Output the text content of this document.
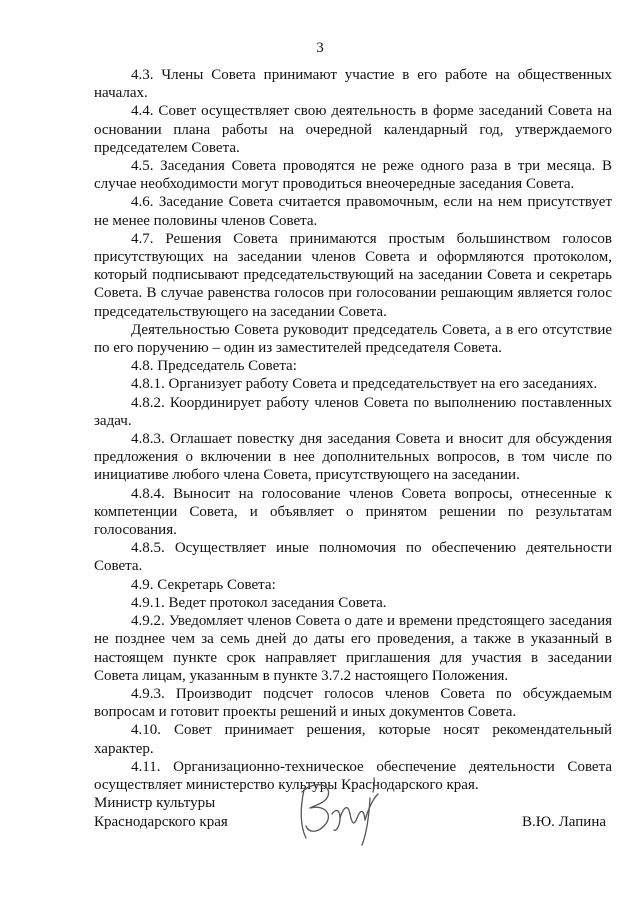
3

4.3. Члены Совета принимают участие в его работе на общественных началах.

4.4. Совет осуществляет свою деятельность в форме заседаний Совета на основании плана работы на очередной календарный год, утверждаемого председателем Совета.

4.5. Заседания Совета проводятся не реже одного раза в три месяца. В случае необходимости могут проводиться внеочередные заседания Совета.

4.6. Заседание Совета считается правомочным, если на нем присутствует не менее половины членов Совета.

4.7. Решения Совета принимаются простым большинством голосов присутствующих на заседании членов Совета и оформляются протоколом, который подписывают председательствующий на заседании Совета и секретарь Совета. В случае равенства голосов при голосовании решающим является голос председательствующего на заседании Совета.

Деятельностью Совета руководит председатель Совета, а в его отсутствие по его поручению – один из заместителей председателя Совета.

4.8. Председатель Совета:

4.8.1. Организует работу Совета и председательствует на его заседаниях.

4.8.2. Координирует работу членов Совета по выполнению поставленных задач.

4.8.3. Оглашает повестку дня заседания Совета и вносит для обсуждения предложения о включении в нее дополнительных вопросов, в том числе по инициативе любого члена Совета, присутствующего на заседании.

4.8.4. Выносит на голосование членов Совета вопросы, отнесенные к компетенции Совета, и объявляет о принятом решении по результатам голосования.

4.8.5. Осуществляет иные полномочия по обеспечению деятельности Совета.

4.9. Секретарь Совета:

4.9.1. Ведет протокол заседания Совета.

4.9.2. Уведомляет членов Совета о дате и времени предстоящего заседания не позднее чем за семь дней до даты его проведения, а также в указанный в настоящем пункте срок направляет приглашения для участия в заседании Совета лицам, указанным в пункте 3.7.2 настоящего Положения.

4.9.3. Производит подсчет голосов членов Совета по обсуждаемым вопросам и готовит проекты решений и иных документов Совета.

4.10. Совет принимает решения, которые носят рекомендательный характер.

4.11. Организационно-техническое обеспечение деятельности Совета осуществляет министерство культуры Краснодарского края.

Министр культуры
Краснодарского края	В.Ю. Лапина
